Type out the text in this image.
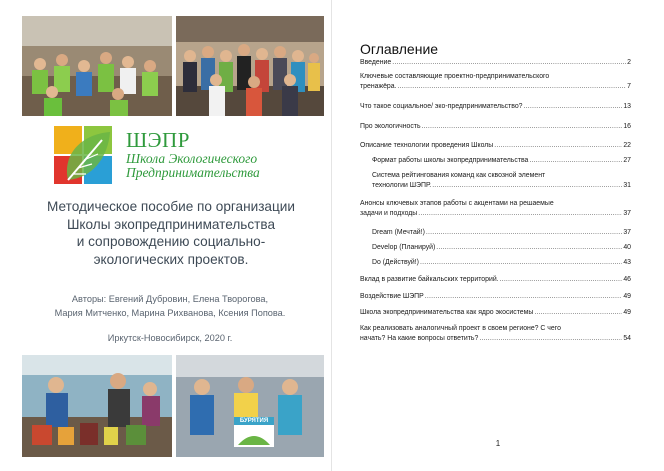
ШЭПР
Школа Экологического
Предпринимательства
Методическое пособие по организации
Школы экопредпринимательства
и сопровождению социально-
экологических проектов.
Авторы: Евгений Дубровин, Елена Творогова,
Мария Митченко, Марина Рихванова, Ксения Попова.
Иркутск-Новосибирск, 2020 г.
БУРЯТИЯ
Оглавление
Введение .....	2
Ключевые составляющие проектно-предпринимательского
тренажёра. .....	7
Что такое социальное/ эко-предпринимательство? .....	13
Про экологичность .....	16
Описание технологии проведения Школы .....	22
Формат работы школы экопредпринимательства .....	27
Система рейтингования команд как сквозной элемент
технологии ШЭПР. .....	31
Анонсы ключевых этапов работы с акцентами на решаемые
задачи и подходы .....	37
Dream (Мечтай!) .....	37
Develop (Планируй) .....	40
Do (Действуй!) .....	43
Вклад в развитие байкальских территорий. .....	46
Воздействие ШЭПР .....	49
Школа экопредпринимательства как ядро экосистемы .....	49
Как реализовать аналогичный проект в своем регионе? С чего
начать? На какие вопросы ответить? .....	54
1
